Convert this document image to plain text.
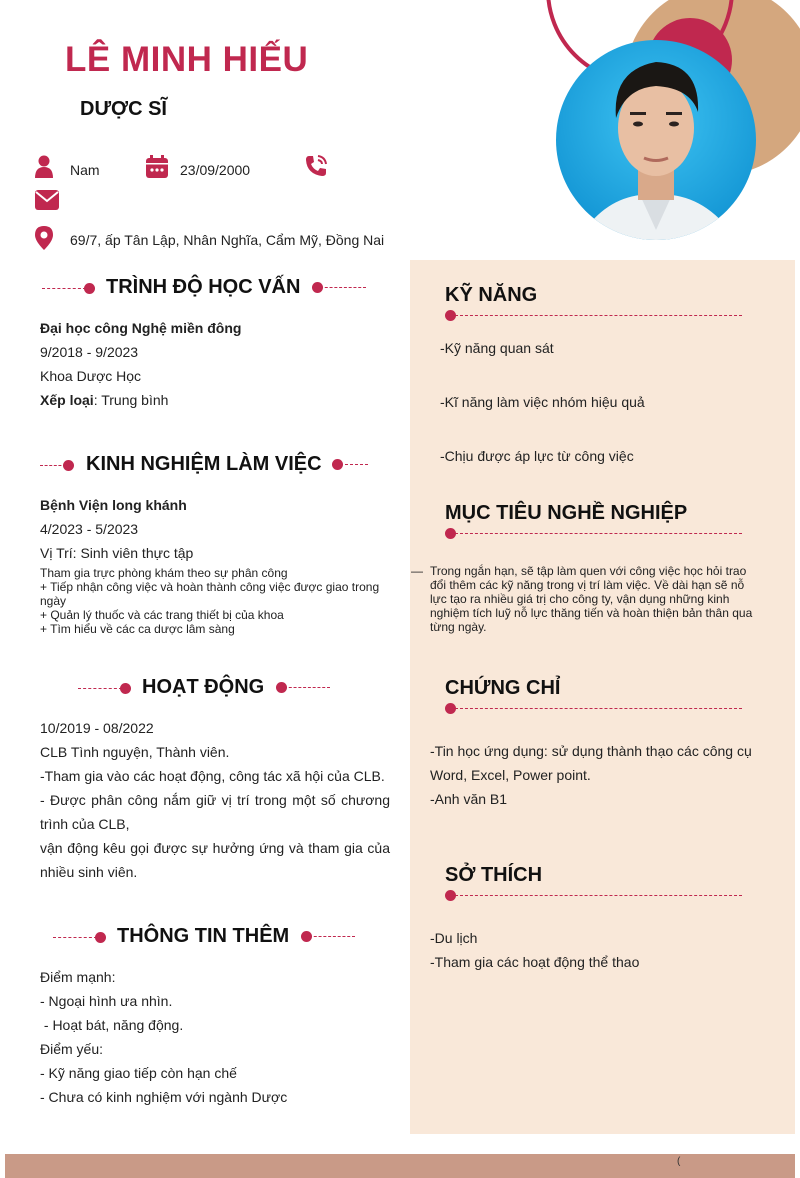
LÊ MINH HIẾU
DƯỢC SĨ
Nam	23/09/2000
69/7, ấp Tân Lập, Nhân Nghĩa, Cẩm Mỹ, Đồng Nai
TRÌNH ĐỘ HỌC VẤN
Đại học công Nghệ miền đông
9/2018 - 9/2023
Khoa Dược Học
Xếp loại: Trung bình
KINH NGHIỆM LÀM VIỆC
Bệnh Viện long khánh
4/2023 - 5/2023
Vị Trí: Sinh viên thực tập
Tham gia trực phòng khám theo sự phân công
+ Tiếp nhận công việc và hoàn thành công việc được giao trong ngày
+ Quản lý thuốc và các trang thiết bị của khoa
+ Tìm hiểu về các ca dược lâm sàng
HOẠT ĐỘNG
10/2019 - 08/2022
CLB Tình nguyện, Thành viên.
-Tham gia vào các hoạt động, công tác xã hội của CLB.
- Được phân công nắm giữ vị trí trong một số chương trình của CLB,
vận động kêu gọi được sự hưởng ứng và tham gia của nhiều sinh viên.
THÔNG TIN THÊM
Điểm mạnh:
- Ngoại hình ưa nhìn.
- Hoạt bát, năng động.
Điểm yếu:
- Kỹ năng giao tiếp còn hạn chế
- Chưa có kinh nghiệm với ngành Dược
KỸ NĂNG
-Kỹ năng quan sát
-Kĩ năng làm việc nhóm hiệu quả
-Chịu được áp lực từ công việc
MỤC TIÊU NGHỀ NGHIỆP
— Trong ngắn hạn, sẽ tập làm quen với công việc học hỏi trao đổi thêm các kỹ năng trong vị trí làm việc. Về dài hạn sẽ nỗ lực tạo ra nhiều giá trị cho công ty, vận dụng những kinh nghiệm tích luỹ nỗ lực thăng tiến và hoàn thiện bản thân qua từng ngày.
CHỨNG CHỈ
-Tin học ứng dụng: sử dụng thành thạo các công cụ Word, Excel, Power point.
-Anh văn B1
SỞ THÍCH
-Du lịch
-Tham gia các hoạt động thể thao
(
